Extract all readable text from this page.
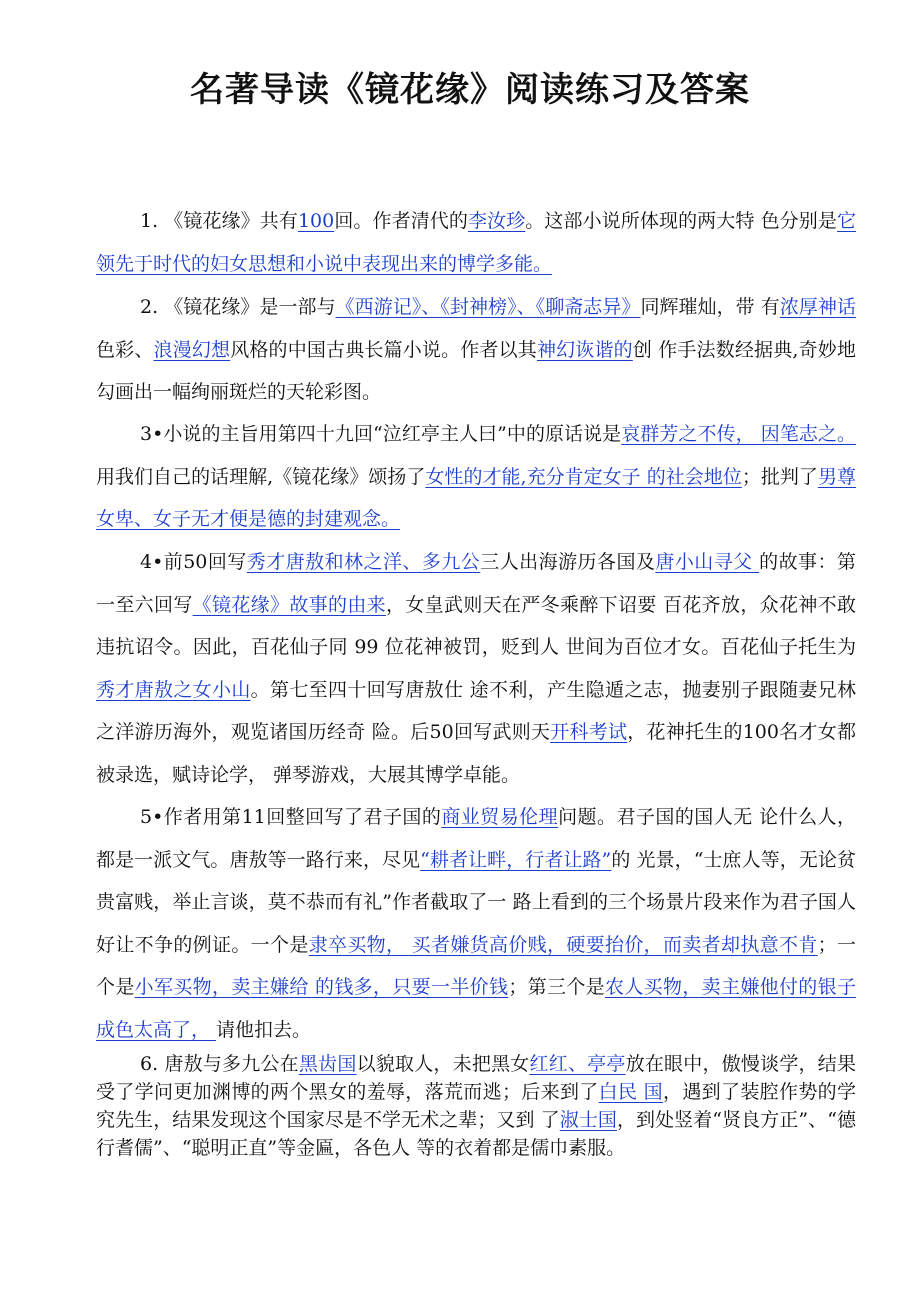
名著导读《镜花缘》阅读练习及答案

1. 《镜花缘》共有100回。作者清代的李汝珍。这部小说所体现的两大特 色分别是它领先于时代的妇女思想和小说中表现出来的博学多能。

2. 《镜花缘》是一部与《西游记》、《封神榜》、《聊斋志异》同辉璀灿，带 有浓厚神话色彩、浪漫幻想风格的中国古典长篇小说。作者以其神幻诙谐的创 作手法数经据典,奇妙地勾画出一幅绚丽斑烂的天轮彩图。

3•小说的主旨用第四十九回“泣红亭主人曰”中的原话说是哀群芳之不传， 因笔志之。用我们自己的话理解,《镜花缘》颂扬了女性的才能,充分肯定女子 的社会地位；批判了男尊女卑、女子无才便是德的封建观念。

4•前50回写秀才唐敖和林之洋、多九公三人出海游历各国及唐小山寻父 的故事：第一至六回写《镜花缘》故事的由来，女皇武则天在严冬乘醉下诏要 百花齐放，众花神不敢违抗诏令。因此，百花仙子同 99 位花神被罚，贬到人 世间为百位才女。百花仙子托生为秀才唐敖之女小山。第七至四十回写唐敖仕 途不利，产生隐遁之志，抛妻别子跟随妻兄林之洋游历海外，观览诸国历经奇 险。后50回写武则天开科考试，花神托生的100名才女都被录选，赋诗论学， 弹琴游戏，大展其博学卓能。

5•作者用第11回整回写了君子国的商业贸易伦理问题。君子国的国人无 论什么人，都是一派文气。唐敖等一路行来，尽见“耕者让畔，行者让路”的 光景，“士庶人等，无论贫贵富贱，举止言谈，莫不恭而有礼”作者截取了一 路上看到的三个场景片段来作为君子国人好让不争的例证。一个是隶卒买物， 买者嫌货高价贱，硬要抬价，而卖者却执意不肯；一个是小军买物，卖主嫌给 的钱多，只要一半价钱；第三个是农人买物，卖主嫌他付的银子成色太高了， 请他扣去。

6. 唐敖与多九公在黑齿国以貌取人，未把黑女红红、亭亭放在眼中，傲慢谈学，结果受了学问更加渊博的两个黑女的羞辱，落荒而逃；后来到了白民 国，遇到了装腔作势的学究先生，结果发现这个国家尽是不学无术之辈；又到 了淑士国，到处竖着“贤良方正”、“德行耆儒”、“聪明正直”等金匾，各色人 等的衣着都是儒巾素服。
